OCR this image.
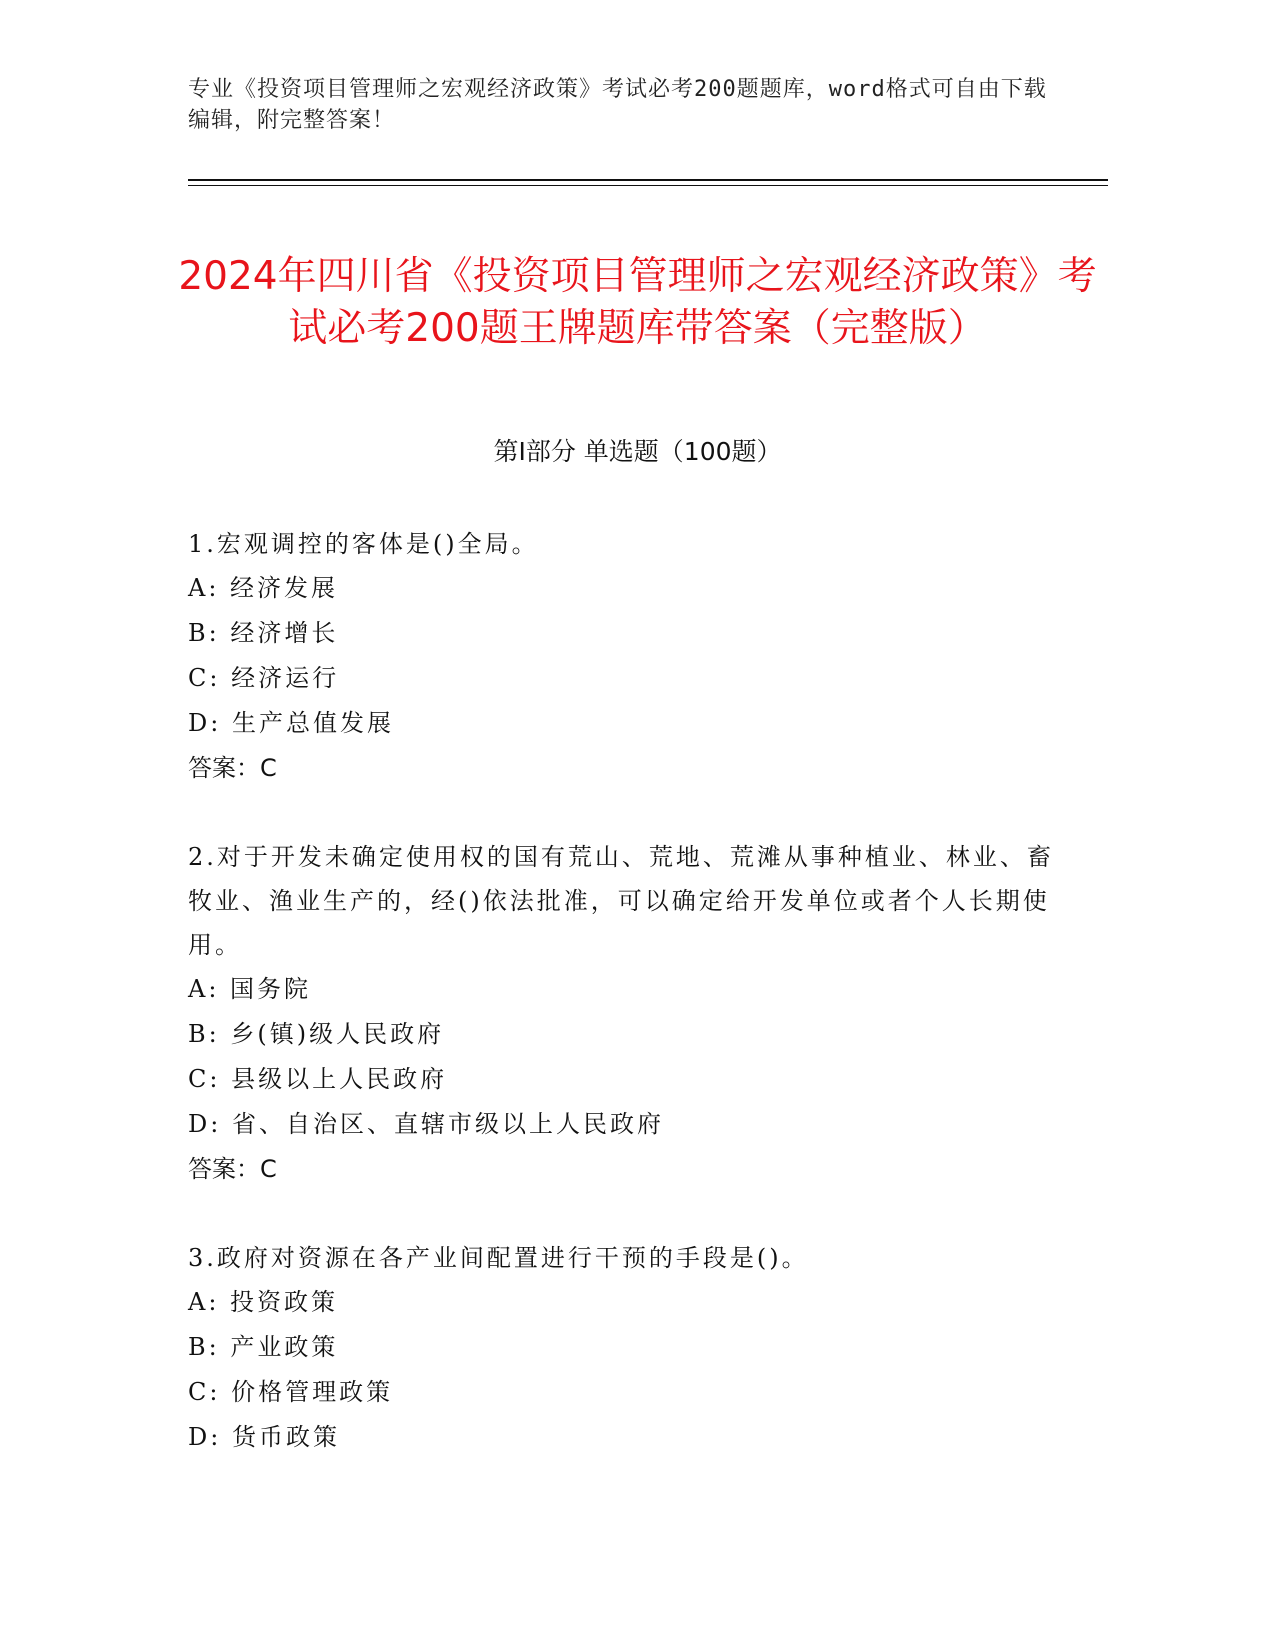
专业《投资项目管理师之宏观经济政策》考试必考200题题库，word格式可自由下载编辑，附完整答案！
2024年四川省《投资项目管理师之宏观经济政策》考试必考200题王牌题库带答案（完整版）
第I部分 单选题（100题）
1.宏观调控的客体是()全局。
A: 经济发展
B: 经济增长
C: 经济运行
D: 生产总值发展
答案：C
2.对于开发未确定使用权的国有荒山、荒地、荒滩从事种植业、林业、畜牧业、渔业生产的，经()依法批准，可以确定给开发单位或者个人长期使用。
A: 国务院
B: 乡(镇)级人民政府
C: 县级以上人民政府
D: 省、自治区、直辖市级以上人民政府
答案：C
3.政府对资源在各产业间配置进行干预的手段是()。
A: 投资政策
B: 产业政策
C: 价格管理政策
D: 货币政策
